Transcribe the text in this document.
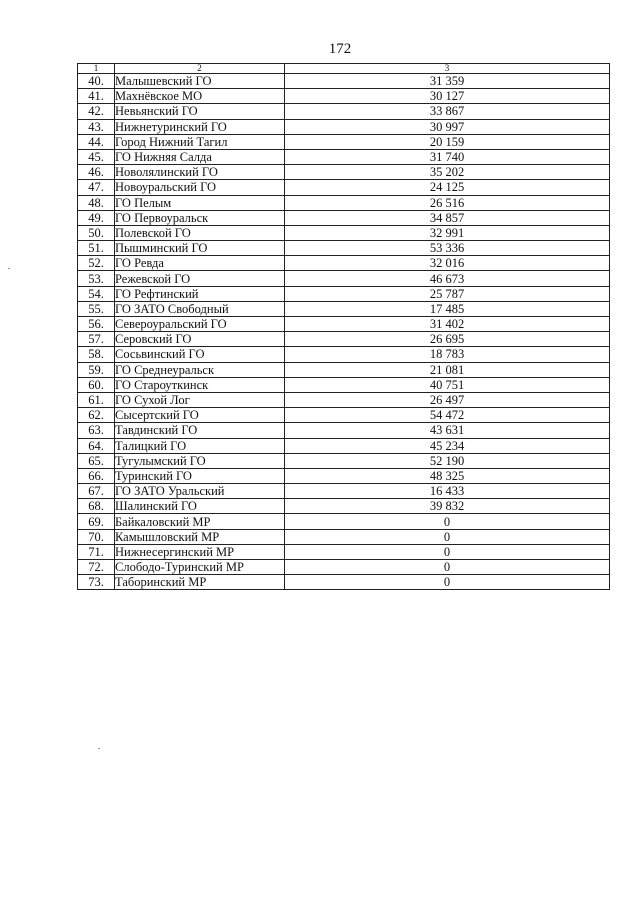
172
1	2	3
40.	Малышевский ГО	31 359
41.	Махнёвское МО	30 127
42.	Невьянский ГО	33 867
43.	Нижнетуринский ГО	30 997
44.	Город Нижний Тагил	20 159
45.	ГО Нижняя Салда	31 740
46.	Новолялинский ГО	35 202
47.	Новоуральский ГО	24 125
48.	ГО Пелым	26 516
49.	ГО Первоуральск	34 857
50.	Полевской ГО	32 991
51.	Пышминский ГО	53 336
52.	ГО Ревда	32 016
53.	Режевской ГО	46 673
54.	ГО Рефтинский	25 787
55.	ГО ЗАТО Свободный	17 485
56.	Североуральский ГО	31 402
57.	Серовский ГО	26 695
58.	Сосьвинский ГО	18 783
59.	ГО Среднеуральск	21 081
60.	ГО Староуткинск	40 751
61.	ГО Сухой Лог	26 497
62.	Сысертский ГО	54 472
63.	Тавдинский ГО	43 631
64.	Талицкий ГО	45 234
65.	Тугулымский ГО	52 190
66.	Туринский ГО	48 325
67.	ГО ЗАТО Уральский	16 433
68.	Шалинский ГО	39 832
69.	Байкаловский МР	0
70.	Камышловский МР	0
71.	Нижнесергинский МР	0
72.	Слободо-Туринский МР	0
73.	Таборинский МР	0
